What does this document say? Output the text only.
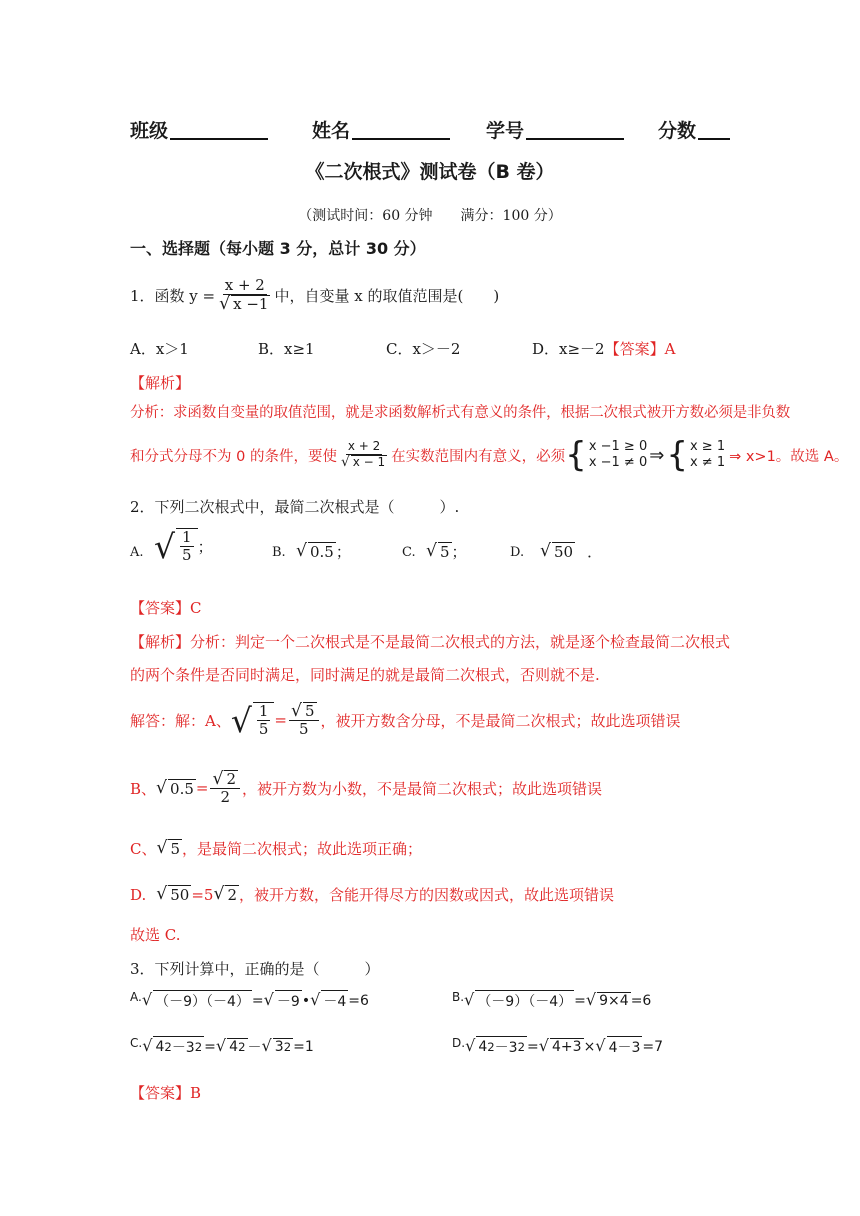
班级	姓名	学号	分数
《二次根式》测试卷（B 卷）
（测试时间：60 分钟　　满分：100 分）
一、选择题（每小题 3 分，总计 30 分）
1．函数 $y = \frac{x + 2}{√ x -1}$ 中，自变量 x 的取值范围是(　　)
A．x＞1	B．x≥1	C．x＞－2	D．x≥－2【答案】A
【解析】
分析：求函数自变量的取值范围，就是求函数解析式有意义的条件，根据二次根式被开方数必须是非负数
和分式分母不为 0 的条件，要使 $\frac{x + 2}{√ x - 1}$ 在实数范围内有意义，必须 { x −1 ≥ 0
x −1 ≠ 0 ⇒ { x ≥ 1
x ≠ 1 ⇒ x>1。故选 A。
2．下列二次根式中，最简二次根式是（　　　）.
A. √ $\frac{1}{5}$ ；	B. √ 0.5 ；	C. √ 5 ；	D. √ 50 ．
【答案】C
【解析】分析：判定一个二次根式是不是最简二次根式的方法，就是逐个检查最简二次根式
的两个条件是否同时满足，同时满足的就是最简二次根式，否则就不是.
解答：解：A、 √ $\frac{1}{5} = \frac{√ 5}{5}$ ，被开方数含分母，不是最简二次根式；故此选项错误
B、 √ $0.5 = \frac{√ 2}{2}$ ，被开方数为小数，不是最简二次根式；故此选项错误
C、 √ 5 ，是最简二次根式；故此选项正确；
D. √ 50 =5 √ 2 ，被开方数，含能开得尽方的因数或因式，故此选项错误
故选 C.
3．下列计算中，正确的是（　　　）
A. √ （－9）（－4） = √ －9 • √ －4 =6	B. √ （－9）（－4） = √ 9×4 =6
C. √ 4 2 －3 2 = √ 4 2 － √ 3 2 =1	D. √ 4 2 －3 2 = √ 4+3 × √ 4－3 =7
【答案】B
